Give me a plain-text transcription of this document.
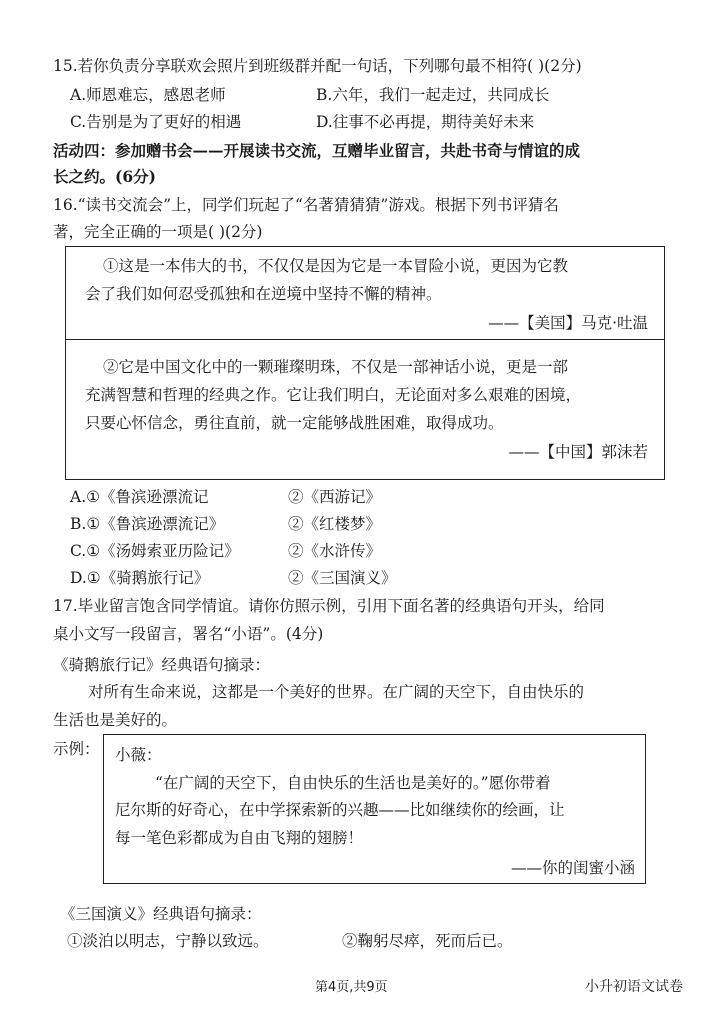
15.若你负责分享联欢会照片到班级群并配一句话，下列哪句最不相符( )(2分)
A.师恩难忘，感恩老师	B.六年，我们一起走过，共同成长
C.告别是为了更好的相遇	D.往事不必再提，期待美好未来
活动四：参加赠书会——开展读书交流，互赠毕业留言，共赴书奇与情谊的成
长之约。(6分)
16.“读书交流会”上，同学们玩起了“名著猜猜猜”游戏。根据下列书评猜名
著，完全正确的一项是( )(2分)
①这是一本伟大的书，不仅仅是因为它是一本冒险小说，更因为它教
会了我们如何忍受孤独和在逆境中坚持不懈的精神。
——【美国】马克·吐温
②它是中国文化中的一颗璀璨明珠，不仅是一部神话小说，更是一部
充满智慧和哲理的经典之作。它让我们明白，无论面对多么艰难的困境，
只要心怀信念，勇往直前，就一定能够战胜困难，取得成功。
——【中国】郭沫若
A.①《鲁滨逊漂流记	②《西游记》
B.①《鲁滨逊漂流记》	②《红楼梦》
C.①《汤姆索亚历险记》	②《水浒传》
D.①《骑鹅旅行记》	②《三国演义》
17.毕业留言饱含同学情谊。请你仿照示例，引用下面名著的经典语句开头，给同
桌小文写一段留言，署名“小语”。(4分)
《骑鹅旅行记》经典语句摘录：
对所有生命来说，这都是一个美好的世界。在广阔的天空下，自由快乐的
生活也是美好的。
示例： 小薇：
“在广阔的天空下，自由快乐的生活也是美好的。”愿你带着
尼尔斯的好奇心，在中学探索新的兴趣——比如继续你的绘画，让
每一笔色彩都成为自由飞翔的翅膀！
——你的闺蜜小涵
《三国演义》经典语句摘录：
①淡泊以明志，宁静以致远。	②鞠躬尽瘁，死而后已。
第4页,共9页	小升初语文试卷
